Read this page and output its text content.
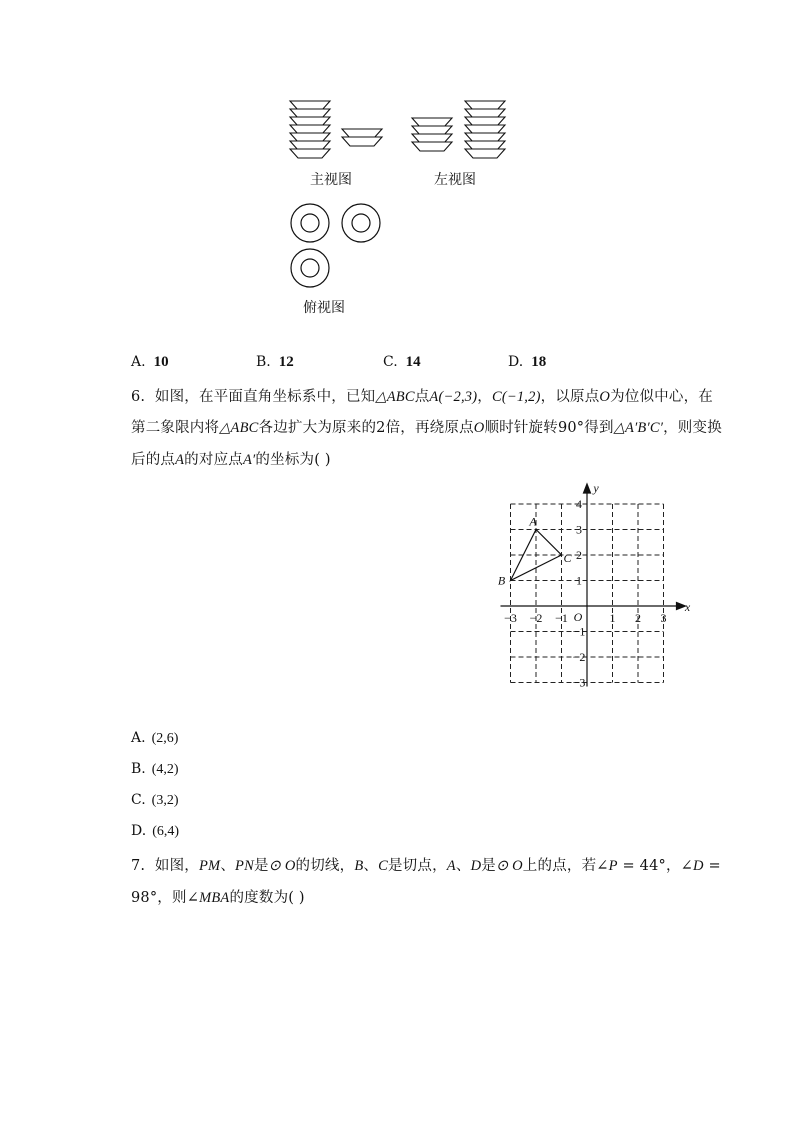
主视图	左视图
俯视图
A. 10	B. 12	C. 14	D. 18
6. 如图，在平面直角坐标系中，已知△ABC点A(−2,3)，C(−1,2)，以原点O为位似中心，在
第二象限内将△ABC各边扩大为原来的2倍，再绕原点O顺时针旋转90°得到△A′B′C′，则变换
后的点A的对应点A′的坐标为( )
−3 −2 −1	1 2 3
4
3
2
1
−1
−2
−3
O
x
y
A
B
C
A. (2,6)
B. (4,2)
C. (3,2)
D. (6,4)
7. 如图，PM、PN是⊙ O的切线，B、C是切点，A、D是⊙ O上的点，若∠P = 44°，∠D =
98°，则∠MBA的度数为( )
